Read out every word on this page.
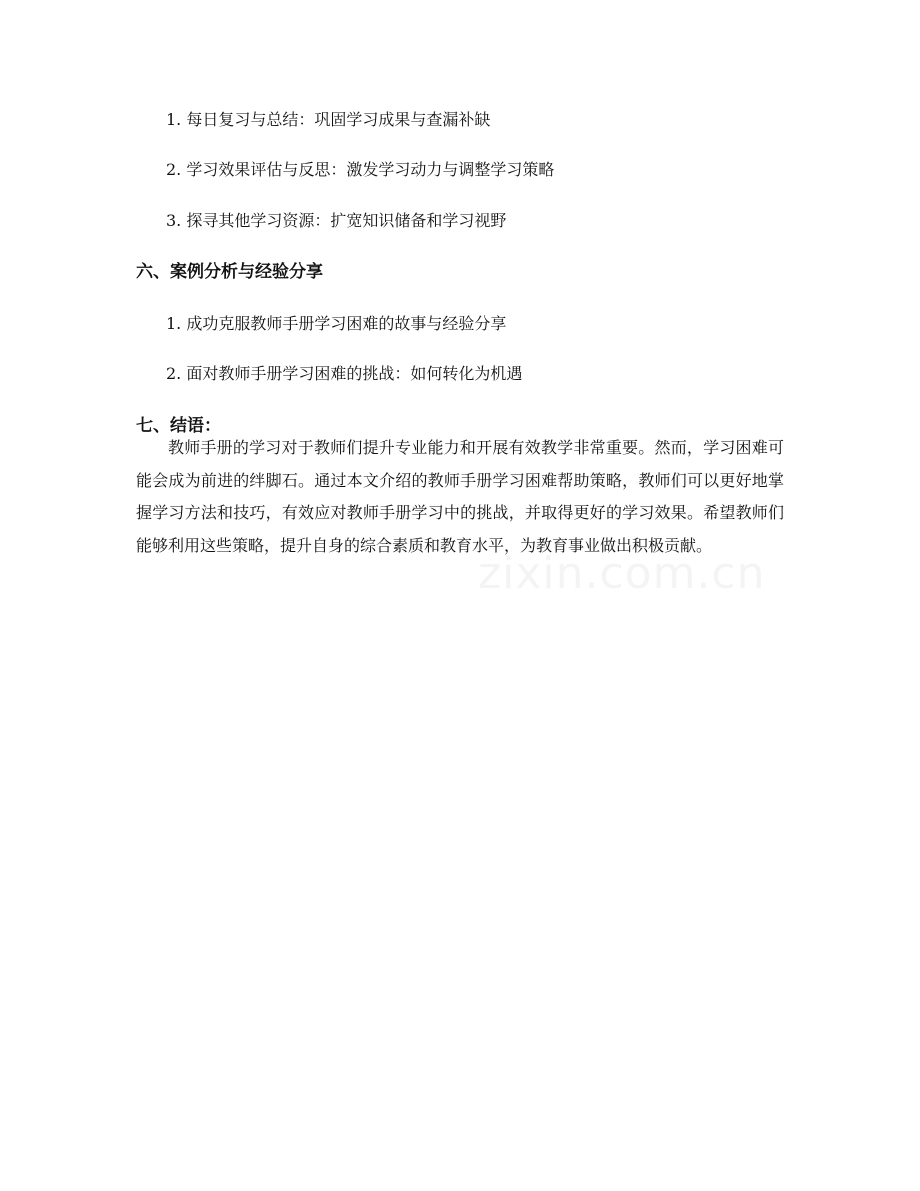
1. 每日复习与总结：巩固学习成果与查漏补缺
2. 学习效果评估与反思：激发学习动力与调整学习策略
3. 探寻其他学习资源：扩宽知识储备和学习视野
六、案例分析与经验分享
1. 成功克服教师手册学习困难的故事与经验分享
2. 面对教师手册学习困难的挑战：如何转化为机遇
七、结语：
教师手册的学习对于教师们提升专业能力和开展有效教学非常重要。然而，学习困难可能会成为前进的绊脚石。通过本文介绍的教师手册学习困难帮助策略，教师们可以更好地掌握学习方法和技巧，有效应对教师手册学习中的挑战，并取得更好的学习效果。希望教师们能够利用这些策略，提升自身的综合素质和教育水平，为教育事业做出积极贡献。
zixin.com.cn
